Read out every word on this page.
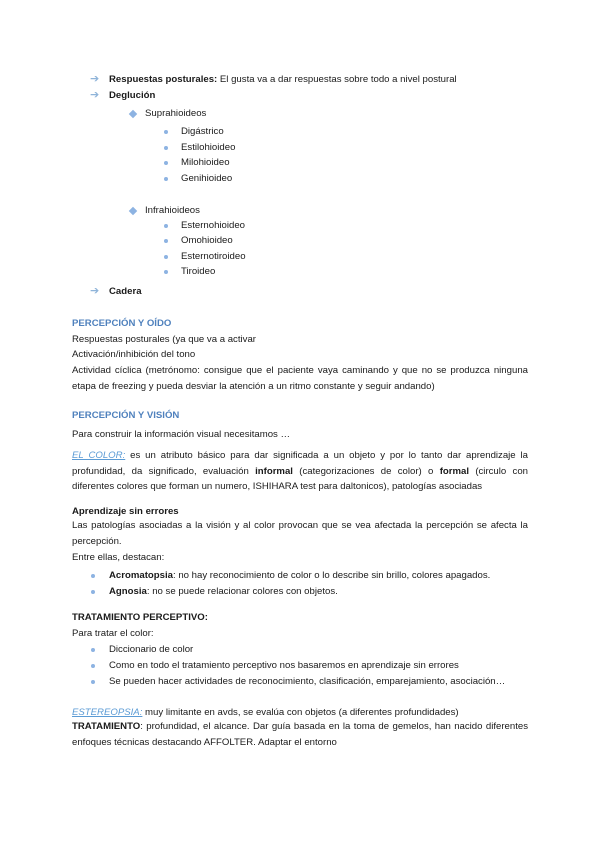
➔ Respuestas posturales: El gusta va a dar respuestas sobre todo a nivel postural
➔ Deglución
Suprahioideos
Digástrico
Estilohioideo
Milohioideo
Genihioideo
Infrahioideos
Esternohioideo
Omohioideo
Esternotiroideo
Tiroideo
➔ Cadera
PERCEPCIÓN Y OÍDO
Respuestas posturales (ya que va a activar
Activación/inhibición del tono
Actividad cíclica (metrónomo: consigue que el paciente vaya caminando y que no se produzca ninguna etapa de freezing y pueda desviar la atención a un ritmo constante y seguir andando)
PERCEPCIÓN Y VISIÓN
Para construir la información visual necesitamos …
EL COLOR: es un atributo básico para dar significada a un objeto y por lo tanto dar aprendizaje la profundidad, da significado, evaluación informal (categorizaciones de color) o formal (circulo con diferentes colores que forman un numero, ISHIHARA test para daltonicos), patologías asociadas
Aprendizaje sin errores
Las patologías asociadas a la visión y al color provocan que se vea afectada la percepción se afecta la percepción.
Entre ellas, destacan:
Acromatopsia: no hay reconocimiento de color o lo describe sin brillo, colores apagados.
Agnosia: no se puede relacionar colores con objetos.
TRATAMIENTO PERCEPTIVO:
Para tratar el color:
Diccionario de color
Como en todo el tratamiento perceptivo nos basaremos en aprendizaje sin errores
Se pueden hacer actividades de reconocimiento, clasificación, emparejamiento, asociación…
ESTEREOPSIA: muy limitante en avds, se evalúa con objetos (a diferentes profundidades)
TRATAMIENTO: profundidad, el alcance. Dar guía basada en la toma de gemelos, han nacido diferentes enfoques técnicas destacando AFFOLTER. Adaptar el entorno
